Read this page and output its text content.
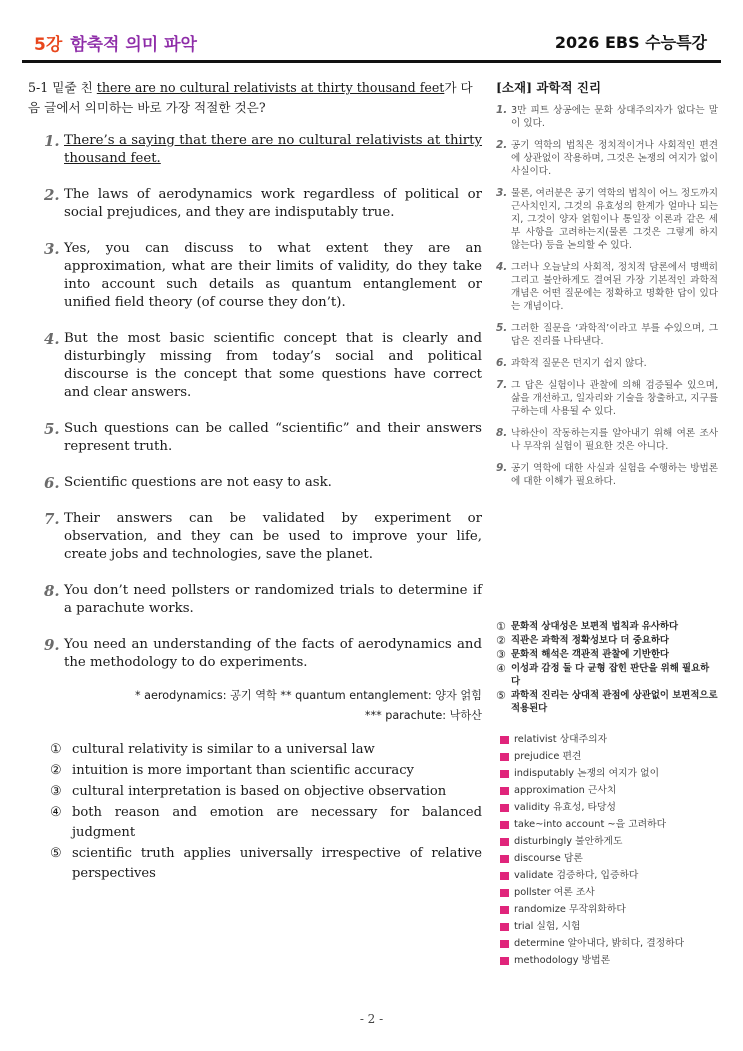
5강 함축적 의미 파악	2026 EBS 수능특강
5-1 밑줄 친 there are no cultural relativists at thirty thousand feet가 다음 글에서 의미하는 바로 가장 적절한 것은?
1. There’s a saying that there are no cultural relativists at thirty thousand feet.
2. The laws of aerodynamics work regardless of political or social prejudices, and they are indisputably true.
3. Yes, you can discuss to what extent they are an approximation, what are their limits of validity, do they take into account such details as quantum entanglement or unified field theory (of course they don’t).
4. But the most basic scientific concept that is clearly and disturbingly missing from today’s social and political discourse is the concept that some questions have correct and clear answers.
5. Such questions can be called “scientific” and their answers represent truth.
6. Scientific questions are not easy to ask.
7. Their answers can be validated by experiment or observation, and they can be used to improve your life, create jobs and technologies, save the planet.
8. You don’t need pollsters or randomized trials to determine if a parachute works.
9. You need an understanding of the facts of aerodynamics and the methodology to do experiments.
* aerodynamics: 공기 역학 ** quantum entanglement: 양자 얽힘
*** parachute: 낙하산
① cultural relativity is similar to a universal law
② intuition is more important than scientific accuracy
③ cultural interpretation is based on objective observation
④ both reason and emotion are necessary for balanced judgment
⑤ scientific truth applies universally irrespective of relative perspectives
[소재] 과학적 진리
1. 3만 피트 상공에는 문화 상대주의자가 없다는 말이 있다.
2. 공기 역학의 법칙은 정치적이거나 사회적인 편견에 상관없이 작용하며, 그것은 논쟁의 여지가 없이 사실이다.
3. 물론, 여러분은 공기 역학의 법칙이 어느 정도까지 근사치인지, 그것의 유효성의 한계가 얼마나 되는지, 그것이 양자 얽힘이나 통일장 이론과 같은 세부 사항을 고려하는지(물론 그것은 그렇게 하지 않는다) 등을 논의할 수 있다.
4. 그러나 오늘날의 사회적, 정치적 담론에서 명백히 그리고 불안하게도 결여된 가장 기본적인 과학적 개념은 어떤 질문에는 정확하고 명확한 답이 있다는 개념이다.
5. 그러한 질문을 ‘과학적’이라고 부를 수있으며, 그 답은 진리를 나타낸다.
6. 과학적 질문은 던지기 쉽지 않다.
7. 그 답은 실험이나 관찰에 의해 검증될수 있으며, 삶을 개선하고, 일자리와 기술을 창출하고, 지구를 구하는데 사용될 수 있다.
8. 낙하산이 작동하는지를 알아내기 위해 여론 조사나 무작위 실험이 필요한 것은 아니다.
9. 공기 역학에 대한 사실과 실험을 수행하는 방법론에 대한 이해가 필요하다.
① 문화적 상대성은 보편적 법칙과 유사하다
② 직관은 과학적 정확성보다 더 중요하다
③ 문화적 해석은 객관적 관찰에 기반한다
④ 이성과 감정 둘 다 균형 잡힌 판단을 위해 필요하다
⑤ 과학적 진리는 상대적 관점에 상관없이 보편적으로 적용된다
relativist 상대주의자
prejudice 편견
indisputably 논쟁의 여지가 없이
approximation 근사치
validity 유효성, 타당성
take~into account ~을 고려하다
disturbingly 불안하게도
discourse 담론
validate 검증하다, 입증하다
pollster 여론 조사
randomize 무작위화하다
trial 실험, 시험
determine 알아내다, 밝히다, 결정하다
methodology 방법론
- 2 -
